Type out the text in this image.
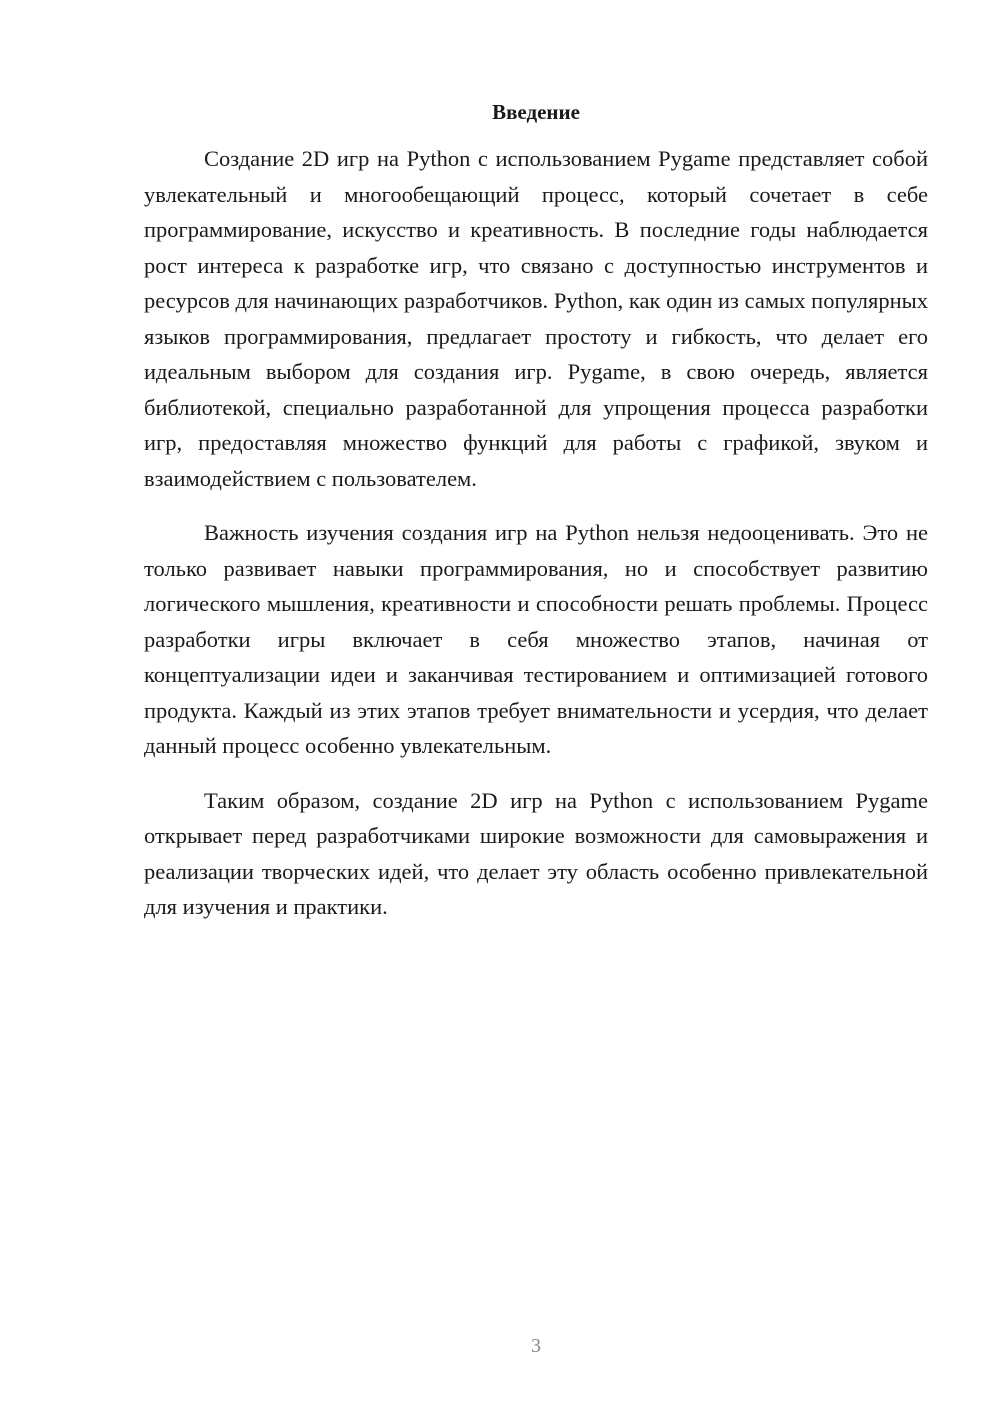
Введение

Создание 2D игр на Python с использованием Pygame представляет собой увлекательный и многообещающий процесс, который сочетает в себе программирование, искусство и креативность. В последние годы наблюдается рост интереса к разработке игр, что связано с доступностью инструментов и ресурсов для начинающих разработчиков. Python, как один из самых популярных языков программирования, предлагает простоту и гибкость, что делает его идеальным выбором для создания игр. Pygame, в свою очередь, является библиотекой, специально разработанной для упрощения процесса разработки игр, предоставляя множество функций для работы с графикой, звуком и взаимодействием с пользователем.

Важность изучения создания игр на Python нельзя недооценивать. Это не только развивает навыки программирования, но и способствует развитию логического мышления, креативности и способности решать проблемы. Процесс разработки игры включает в себя множество этапов, начиная от концептуализации идеи и заканчивая тестированием и оптимизацией готового продукта. Каждый из этих этапов требует внимательности и усердия, что делает данный процесс особенно увлекательным.

Таким образом, создание 2D игр на Python с использованием Pygame открывает перед разработчиками широкие возможности для самовыражения и реализации творческих идей, что делает эту область особенно привлекательной для изучения и практики.

3
